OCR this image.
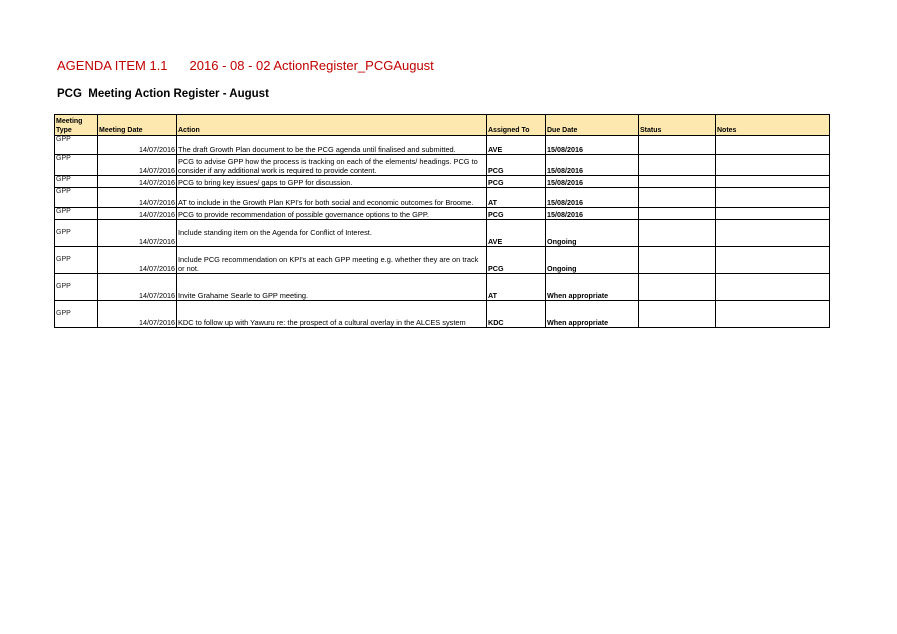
AGENDA ITEM 1.1 2016 - 08 - 02 ActionRegister_PCGAugust
PCG  Meeting Action Register - August
Meeting
Type	Meeting Date	Action	Assigned To	Due Date	Status	Notes
GPP	14/07/2016	The draft Growth Plan document to be the PCG agenda until finalised and submitted.	AVE	15/08/2016		
GPP	14/07/2016	PCG to advise GPP how the process is tracking on each of the elements/ headings. PCG to consider if any additional work is required to provide content.	PCG	15/08/2016		
GPP	14/07/2016	PCG to bring key issues/ gaps to GPP for discussion.	PCG	15/08/2016		
GPP	14/07/2016	AT to include in the Growth Plan KPI's for both social and economic outcomes for Broome.	AT	15/08/2016		
GPP	14/07/2016	PCG to provide recommendation of possible governance options to the GPP.	PCG	15/08/2016		
GPP	14/07/2016	Include standing item on the Agenda for Conflict of Interest.	AVE	Ongoing		
GPP	14/07/2016	Include PCG recommendation on KPI's at each GPP meeting e.g. whether they are on track or not.	PCG	Ongoing		
GPP	14/07/2016	Invite Grahame Searle to GPP meeting.	AT	When appropriate		
GPP	14/07/2016	KDC to follow up with Yawuru re: the prospect of a cultural overlay in the ALCES system	KDC	When appropriate		
